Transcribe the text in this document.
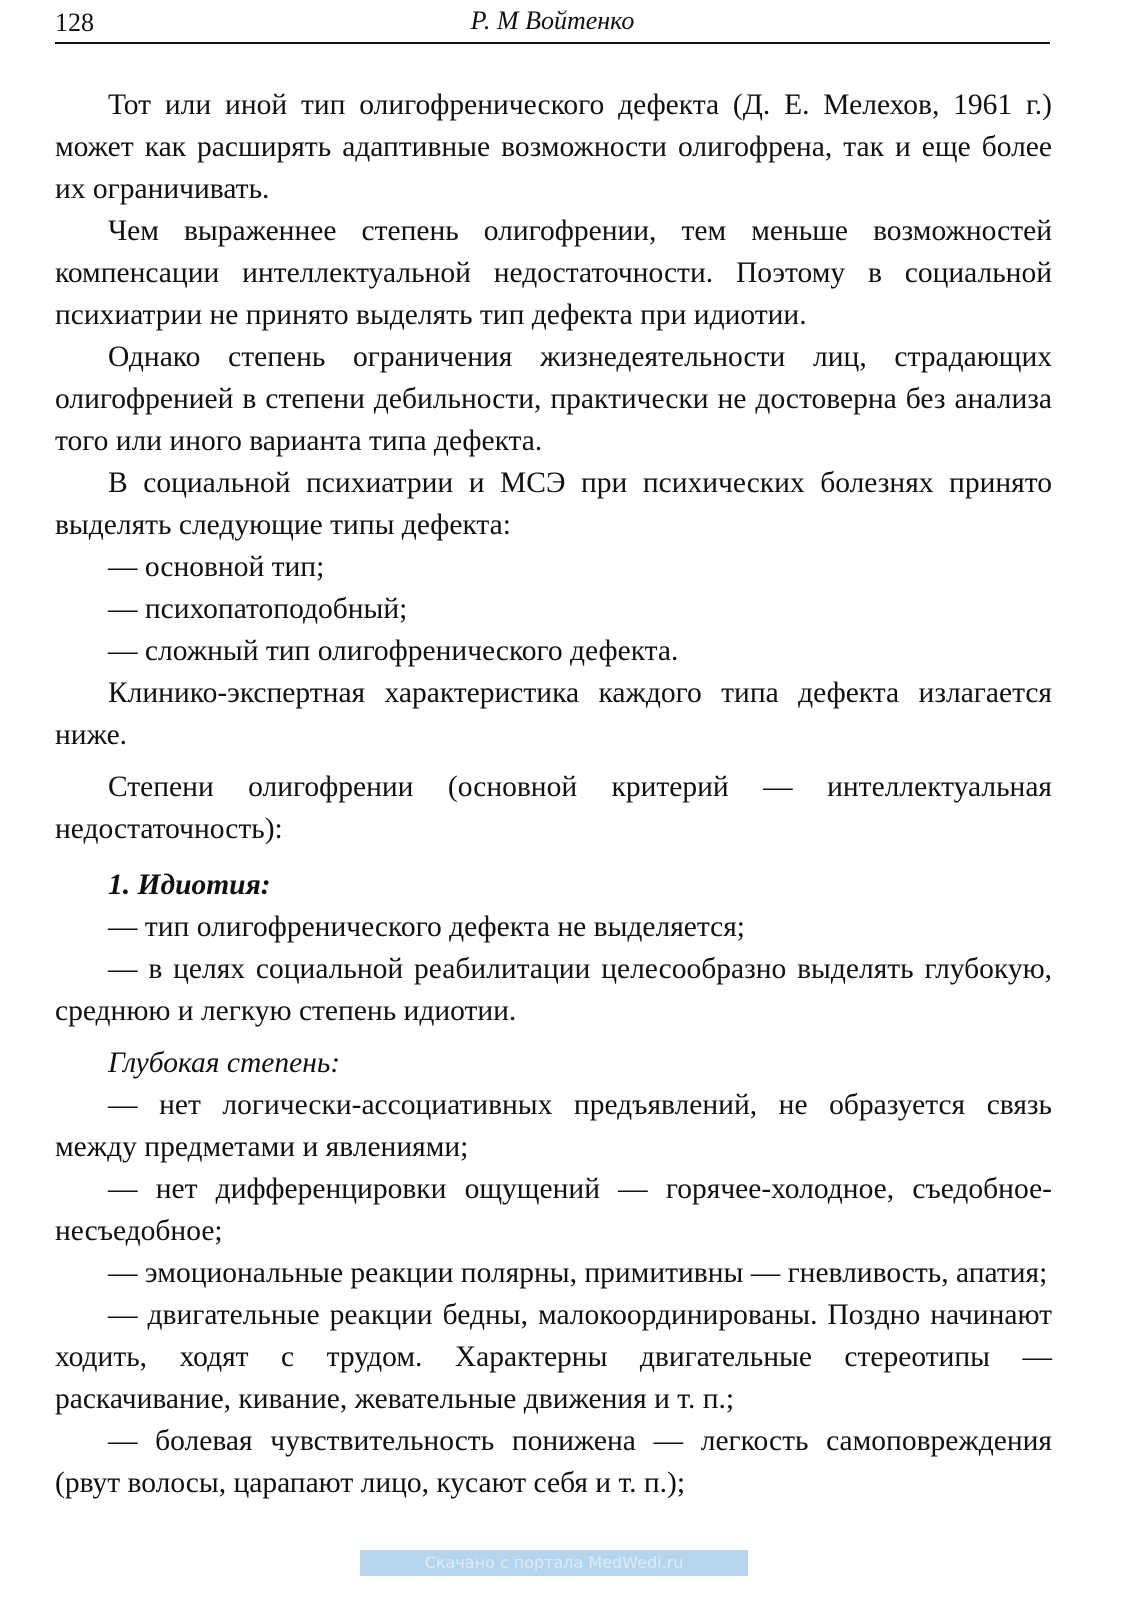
128	Р. М Войтенко

Тот или иной тип олигофренического дефекта (Д. Е. Мелехов, 1961 г.) может как расширять адаптивные возможности олигофрена, так и еще более их ограничивать.

Чем выраженнее степень олигофрении, тем меньше возможностей компенсации интеллектуальной недостаточности. Поэтому в социальной психиатрии не принято выделять тип дефекта при идиотии.

Однако степень ограничения жизнедеятельности лиц, страдающих олигофренией в степени дебильности, практически не достоверна без анализа того или иного варианта типа дефекта.

В социальной психиатрии и МСЭ при психических болезнях принято выделять следующие типы дефекта:

— основной тип;

— психопатоподобный;

— сложный тип олигофренического дефекта.

Клинико-экспертная характеристика каждого типа дефекта излагается ниже.

Степени олигофрении (основной критерий — интеллектуальная недостаточность):

1. Идиотия:

— тип олигофренического дефекта не выделяется;

— в целях социальной реабилитации целесообразно выделять глубокую, среднюю и легкую степень идиотии.

Глубокая степень:

— нет логически-ассоциативных предъявлений, не образуется связь между предметами и явлениями;

— нет дифференцировки ощущений — горячее-холодное, съедобное-несъедобное;

— эмоциональные реакции полярны, примитивны — гневливость, апатия;

— двигательные реакции бедны, малокоординированы. Поздно начинают ходить, ходят с трудом. Характерны двигательные стереотипы — раскачивание, кивание, жевательные движения и т. п.;

— болевая чувствительность понижена — легкость самоповреждения (рвут волосы, царапают лицо, кусают себя и т. п.);

Скачано с портала MedWedi.ru
